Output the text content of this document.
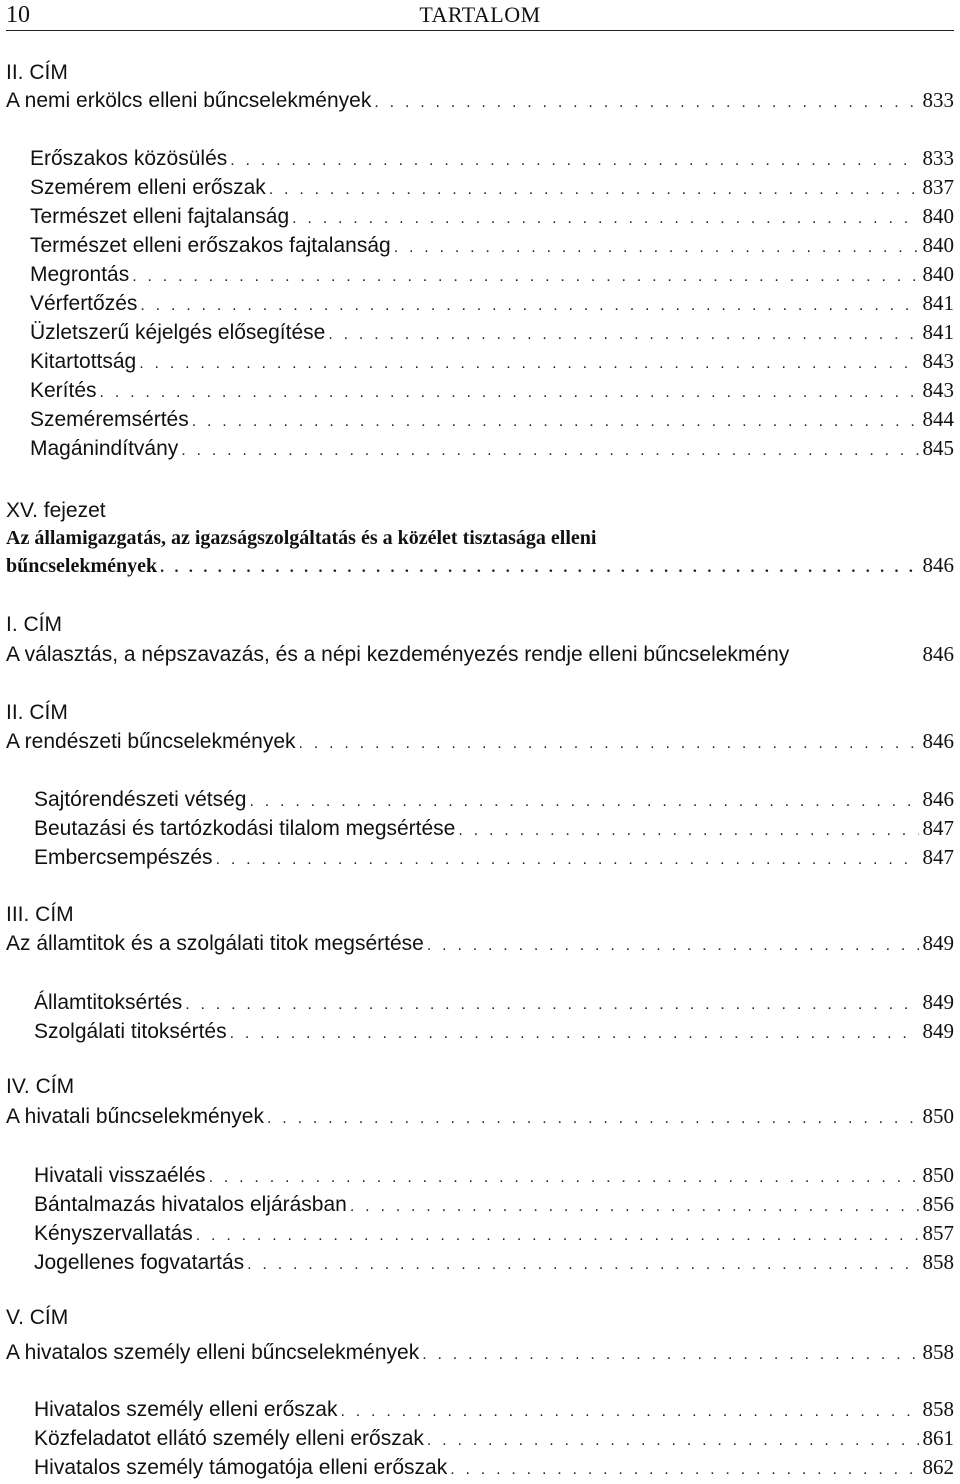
10	TARTALOM
II. CÍM
A nemi erkölcs elleni bűncselekmények . . .	833
Erőszakos közösülés . . .	833
Szemérem elleni erőszak . . .	837
Természet elleni fajtalanság . . .	840
Természet elleni erőszakos fajtalanság . . .	840
Megrontás . . .	840
Vérfertőzés . . .	841
Üzletszerű kéjelgés elősegítése . . .	841
Kitartottság . . .	843
Kerítés . . .	843
Szeméremsértés . . .	844
Magánindítvány . . .	845
XV. fejezet
Az államigazgatás, az igazságszolgáltatás és a közélet tisztasága elleni
bűncselekmények . . .	846
I. CÍM
A választás, a népszavazás, és a népi kezdeményezés rendje elleni bűncselekmény	846
II. CÍM
A rendészeti bűncselekmények . . .	846
Sajtórendészeti vétség . . .	846
Beutazási és tartózkodási tilalom megsértése . . .	847
Embercsempészés . . .	847
III. CÍM
Az államtitok és a szolgálati titok megsértése . . .	849
Államtitoksértés . . .	849
Szolgálati titoksértés . . .	849
IV. CÍM
A hivatali bűncselekmények . . .	850
Hivatali visszaélés . . .	850
Bántalmazás hivatalos eljárásban . . .	856
Kényszervallatás . . .	857
Jogellenes fogvatartás . . .	858
V. CÍM
A hivatalos személy elleni bűncselekmények . . .	858
Hivatalos személy elleni erőszak . . .	858
Közfeladatot ellátó személy elleni erőszak . . .	861
Hivatalos személy támogatója elleni erőszak . . .	862
